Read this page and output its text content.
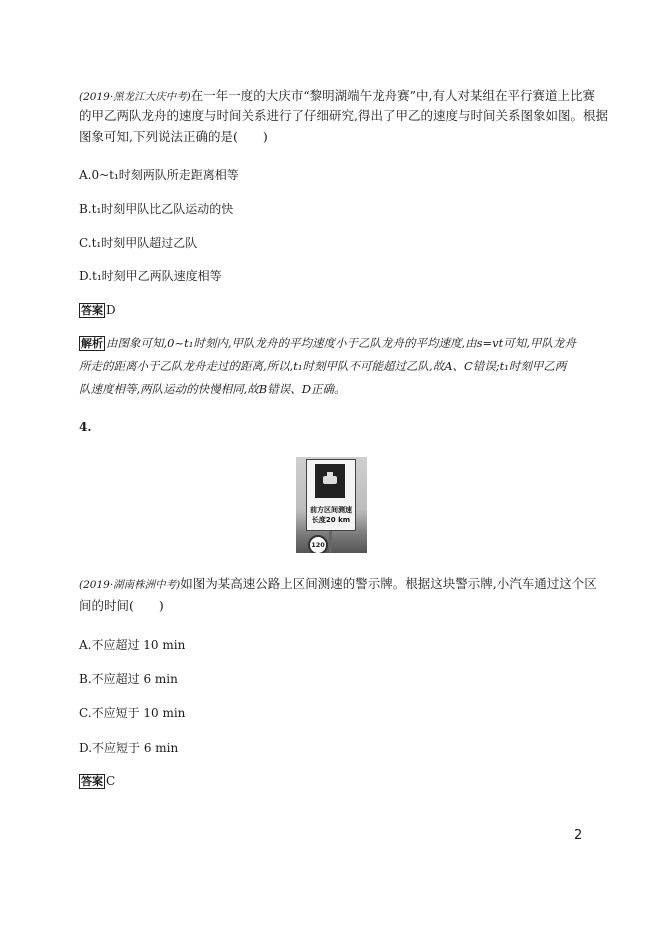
(2019·黑龙江大庆中考)在一年一度的大庆市“黎明湖端午龙舟赛”中,有人对某组在平行赛道上比赛
的甲乙两队龙舟的速度与时间关系进行了仔细研究,得出了甲乙的速度与时间关系图象如图。根据
图象可知,下列说法正确的是(　　)
A.0~t₁时刻两队所走距离相等
B.t₁时刻甲队比乙队运动的快
C.t₁时刻甲队超过乙队
D.t₁时刻甲乙两队速度相等
答案 D
解析 由图象可知,0~t₁时刻内,甲队龙舟的平均速度小于乙队龙舟的平均速度,由s=vt可知,甲队龙舟
所走的距离小于乙队龙舟走过的距离,所以,t₁时刻甲队不可能超过乙队,故A、C错误;t₁时刻甲乙两
队速度相等,两队运动的快慢相同,故B错误、D正确。
4.
前方区间测速
长度20 km
120
(2019·湖南株洲中考)如图为某高速公路上区间测速的警示牌。根据这块警示牌,小汽车通过这个区
间的时间(　　)
A.不应超过 10 min
B.不应超过 6 min
C.不应短于 10 min
D.不应短于 6 min
答案 C
2
